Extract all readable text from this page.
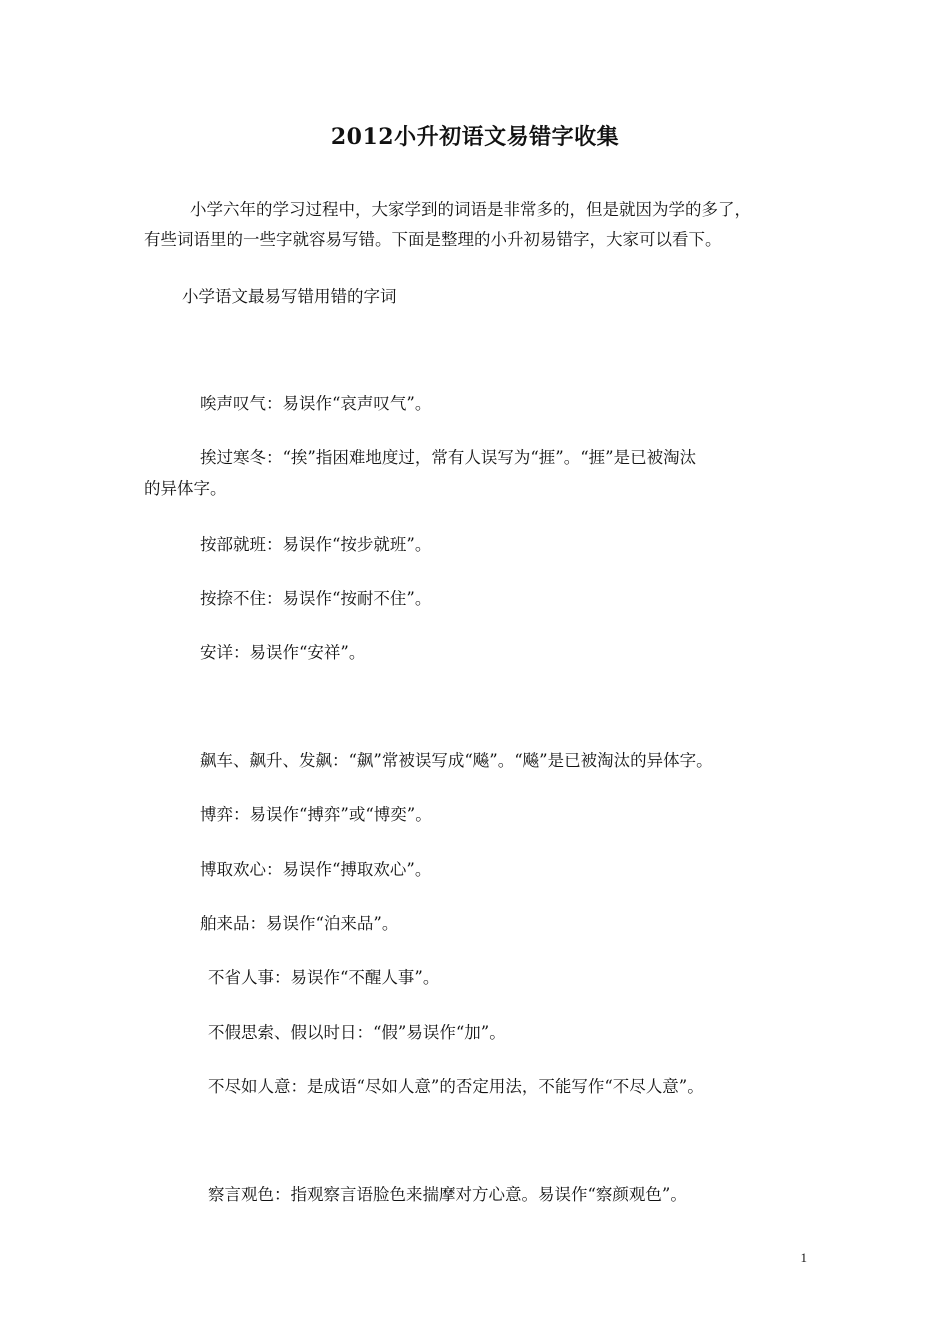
2012小升初语文易错字收集
小学六年的学习过程中，大家学到的词语是非常多的，但是就因为学的多了，
有些词语里的一些字就容易写错。下面是整理的小升初易错字，大家可以看下。
小学语文最易写错用错的字词
唉声叹气：易误作“哀声叹气”。
挨过寒冬：“挨”指困难地度过，常有人误写为“捱”。“捱”是已被淘汰
的异体字。
按部就班：易误作“按步就班”。
按捺不住：易误作“按耐不住”。
安详：易误作“安祥”。
飙车、飙升、发飙：“飙”常被误写成“飚”。“飚”是已被淘汰的异体字。
博弈：易误作“搏弈”或“博奕”。
博取欢心：易误作“搏取欢心”。
舶来品：易误作“泊来品”。
不省人事：易误作“不醒人事”。
不假思索、假以时日：“假”易误作“加”。
不尽如人意：是成语“尽如人意”的否定用法，不能写作“不尽人意”。
察言观色：指观察言语脸色来揣摩对方心意。易误作“察颜观色”。
1
